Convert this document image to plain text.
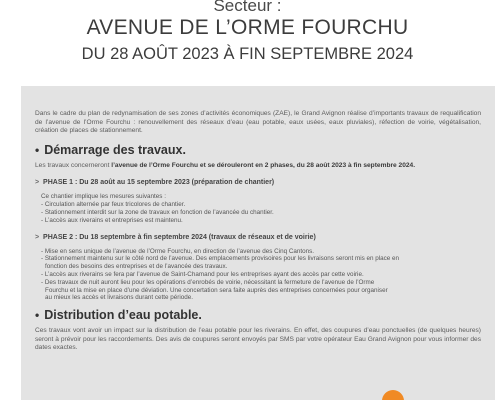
Secteur :
AVENUE DE L’ORME FOURCHU
DU 28 AOÛT 2023 À FIN SEPTEMBRE 2024

Dans le cadre du plan de redynamisation de ses zones d’activités économiques (ZAE), le Grand Avignon réalise d’importants travaux de requalification de l’avenue de l’Orme Fourchu : renouvellement des réseaux d’eau (eau potable, eaux usées, eaux pluviales), réfection de voirie, végétalisation, création de places de stationnement.

• Démarrage des travaux.

Les travaux concerneront l’avenue de l’Orme Fourchu et se dérouleront en 2 phases, du 28 août 2023 à fin septembre 2024.

> PHASE 1 : Du 28 août au 15 septembre 2023 (préparation de chantier)
Ce chantier implique les mesures suivantes :
- Circulation alternée par feux tricolores de chantier.
- Stationnement interdit sur la zone de travaux en fonction de l’avancée du chantier.
- L’accès aux riverains et entreprises est maintenu.
> PHASE 2 : Du 18 septembre à fin septembre 2024 (travaux de réseaux et de voirie)
- Mise en sens unique de l’avenue de l’Orme Fourchu, en direction de l’avenue des Cinq Cantons.
- Stationnement maintenu sur le côté nord de l’avenue. Des emplacements provisoires pour les livraisons seront mis en place en
fonction des besoins des entreprises et de l’avancée des travaux.
- L’accès aux riverains se fera par l’avenue de Saint-Chamand pour les entreprises ayant des accès par cette voirie.
- Des travaux de nuit auront lieu pour les opérations d’enrobés de voirie, nécessitant la fermeture de l’avenue de l’Orme
Fourchu et la mise en place d’une déviation. Une concertation sera faite auprès des entreprises concernées pour organiser
au mieux les accès et livraisons durant cette période.
• Distribution d’eau potable.

Ces travaux vont avoir un impact sur la distribution de l’eau potable pour les riverains. En effet, des coupures d’eau ponctuelles (de quelques heures) seront à prévoir pour les raccordements. Des avis de coupures seront envoyés par SMS par votre opérateur Eau Grand Avignon pour vous informer des dates exactes.
